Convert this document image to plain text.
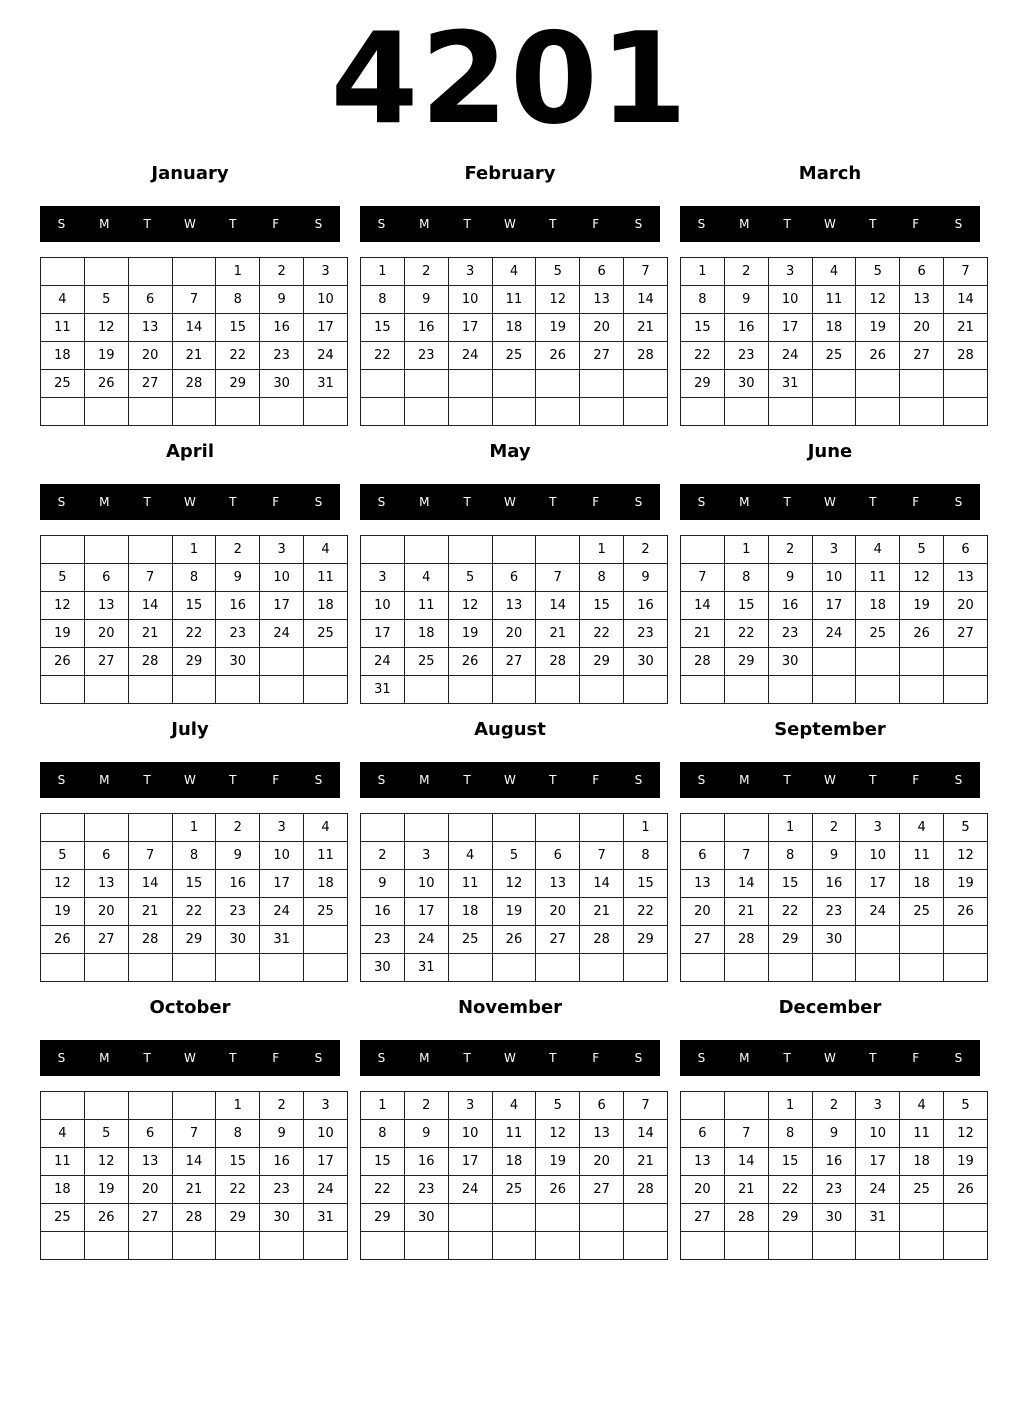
4201
January
S	M	T	W	T	F	S
				1	2	3
4	5	6	7	8	9	10
11	12	13	14	15	16	17
18	19	20	21	22	23	24
25	26	27	28	29	30	31

February
S	M	T	W	T	F	S
1	2	3	4	5	6	7
8	9	10	11	12	13	14
15	16	17	18	19	20	21
22	23	24	25	26	27	28

March
S	M	T	W	T	F	S
1	2	3	4	5	6	7
8	9	10	11	12	13	14
15	16	17	18	19	20	21
22	23	24	25	26	27	28
29	30	31				

April
S	M	T	W	T	F	S
			1	2	3	4
5	6	7	8	9	10	11
12	13	14	15	16	17	18
19	20	21	22	23	24	25
26	27	28	29	30		

May
S	M	T	W	T	F	S
					1	2
3	4	5	6	7	8	9
10	11	12	13	14	15	16
17	18	19	20	21	22	23
24	25	26	27	28	29	30
31						
June
S	M	T	W	T	F	S
	1	2	3	4	5	6
7	8	9	10	11	12	13
14	15	16	17	18	19	20
21	22	23	24	25	26	27
28	29	30				

July
S	M	T	W	T	F	S
			1	2	3	4
5	6	7	8	9	10	11
12	13	14	15	16	17	18
19	20	21	22	23	24	25
26	27	28	29	30	31	

August
S	M	T	W	T	F	S
						1
2	3	4	5	6	7	8
9	10	11	12	13	14	15
16	17	18	19	20	21	22
23	24	25	26	27	28	29
30	31					
September
S	M	T	W	T	F	S
		1	2	3	4	5
6	7	8	9	10	11	12
13	14	15	16	17	18	19
20	21	22	23	24	25	26
27	28	29	30			

October
S	M	T	W	T	F	S
				1	2	3
4	5	6	7	8	9	10
11	12	13	14	15	16	17
18	19	20	21	22	23	24
25	26	27	28	29	30	31

November
S	M	T	W	T	F	S
1	2	3	4	5	6	7
8	9	10	11	12	13	14
15	16	17	18	19	20	21
22	23	24	25	26	27	28
29	30					

December
S	M	T	W	T	F	S
		1	2	3	4	5
6	7	8	9	10	11	12
13	14	15	16	17	18	19
20	21	22	23	24	25	26
27	28	29	30	31		
